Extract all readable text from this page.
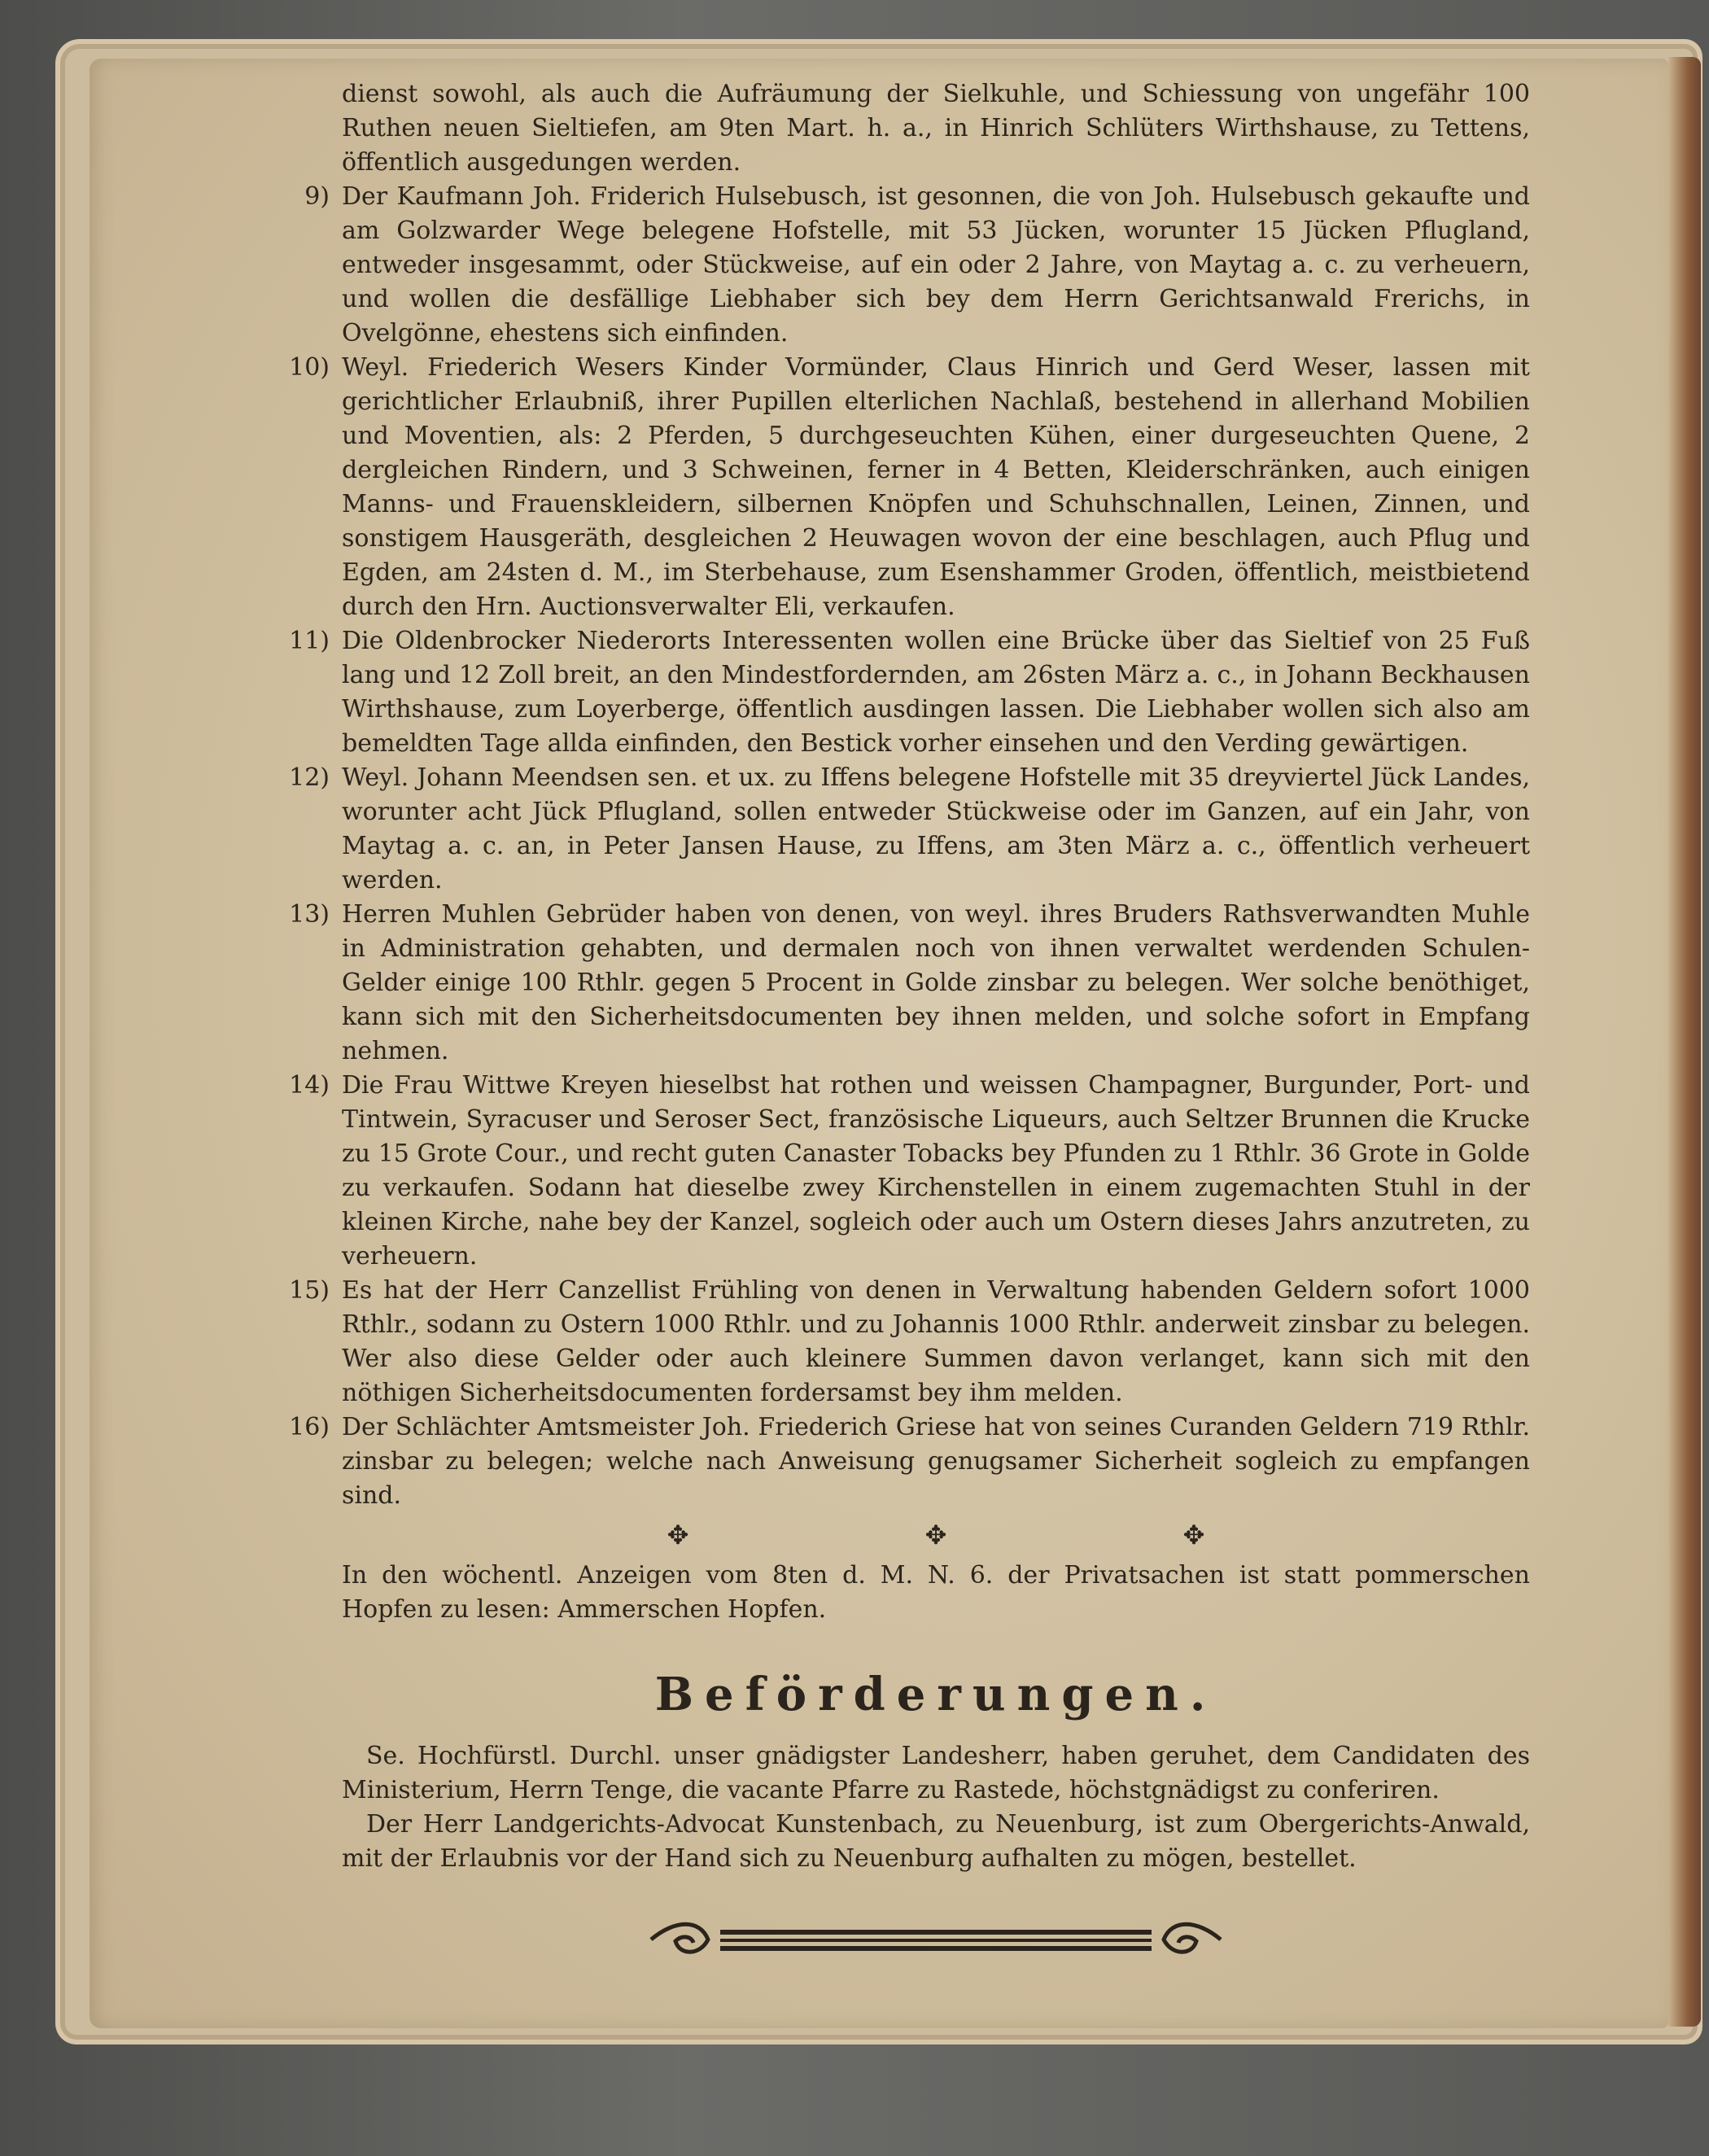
dienst sowohl, als auch die Aufräumung der Sielkuhle, und Schiessung von ungefähr 100 Ruthen neuen Sieltiefen, am 9ten Mart. h. a., in Hinrich Schlüters Wirthshause, zu Tettens, öffentlich ausgedungen werden.

9) Der Kaufmann Joh. Friderich Hulsebusch, ist gesonnen, die von Joh. Hulsebusch gekaufte und am Golzwarder Wege belegene Hofstelle, mit 53 Jücken, worunter 15 Jücken Pflugland, entweder insgesammt, oder Stückweise, auf ein oder 2 Jahre, von Maytag a. c. zu verheuern, und wollen die desfällige Liebhaber sich bey dem Herrn Gerichtsanwald Frerichs, in Ovelgönne, ehestens sich einfinden.

10) Weyl. Friederich Wesers Kinder Vormünder, Claus Hinrich und Gerd Weser, lassen mit gerichtlicher Erlaubniß, ihrer Pupillen elterlichen Nachlaß, bestehend in allerhand Mobilien und Moventien, als: 2 Pferden, 5 durchgeseuchten Kühen, einer durgeseuchten Quene, 2 dergleichen Rindern, und 3 Schweinen, ferner in 4 Betten, Kleiderschränken, auch einigen Manns- und Frauenskleidern, silbernen Knöpfen und Schuhschnallen, Leinen, Zinnen, und sonstigem Hausgeräth, desgleichen 2 Heuwagen wovon der eine beschlagen, auch Pflug und Egden, am 24sten d. M., im Sterbehause, zum Esenshammer Groden, öffentlich, meistbietend durch den Hrn. Auctionsverwalter Eli, verkaufen.

11) Die Oldenbrocker Niederorts Interessenten wollen eine Brücke über das Sieltief von 25 Fuß lang und 12 Zoll breit, an den Mindestfordernden, am 26sten März a. c., in Johann Beckhausen Wirthshause, zum Loyerberge, öffentlich ausdingen lassen. Die Liebhaber wollen sich also am bemeldten Tage allda einfinden, den Bestick vorher einsehen und den Verding gewärtigen.

12) Weyl. Johann Meendsen sen. et ux. zu Iffens belegene Hofstelle mit 35 dreyviertel Jück Landes, worunter acht Jück Pflugland, sollen entweder Stückweise oder im Ganzen, auf ein Jahr, von Maytag a. c. an, in Peter Jansen Hause, zu Iffens, am 3ten März a. c., öffentlich verheuert werden.

13) Herren Muhlen Gebrüder haben von denen, von weyl. ihres Bruders Rathsverwandten Muhle in Administration gehabten, und dermalen noch von ihnen verwaltet werdenden Schulen-Gelder einige 100 Rthlr. gegen 5 Procent in Golde zinsbar zu belegen. Wer solche benöthiget, kann sich mit den Sicherheitsdocumenten bey ihnen melden, und solche sofort in Empfang nehmen.

14) Die Frau Wittwe Kreyen hieselbst hat rothen und weissen Champagner, Burgunder, Port- und Tintwein, Syracuser und Seroser Sect, französische Liqueurs, auch Seltzer Brunnen die Krucke zu 15 Grote Cour., und recht guten Canaster Tobacks bey Pfunden zu 1 Rthlr. 36 Grote in Golde zu verkaufen. Sodann hat dieselbe zwey Kirchenstellen in einem zugemachten Stuhl in der kleinen Kirche, nahe bey der Kanzel, sogleich oder auch um Ostern dieses Jahrs anzutreten, zu verheuern.

15) Es hat der Herr Canzellist Frühling von denen in Verwaltung habenden Geldern sofort 1000 Rthlr., sodann zu Ostern 1000 Rthlr. und zu Johannis 1000 Rthlr. anderweit zinsbar zu belegen. Wer also diese Gelder oder auch kleinere Summen davon verlanget, kann sich mit den nöthigen Sicherheitsdocumenten fordersamst bey ihm melden.

16) Der Schlächter Amtsmeister Joh. Friederich Griese hat von seines Curanden Geldern 719 Rthlr. zinsbar zu belegen; welche nach Anweisung genugsamer Sicherheit sogleich zu empfangen sind.

✥ ✥ ✥

In den wöchentl. Anzeigen vom 8ten d. M. N. 6. der Privatsachen ist statt pommerschen Hopfen zu lesen: Ammerschen Hopfen.

Beförderungen.

Se. Hochfürstl. Durchl. unser gnädigster Landesherr, haben geruhet, dem Candidaten des Ministerium, Herrn Tenge, die vacante Pfarre zu Rastede, höchstgnädigst zu conferiren.

Der Herr Landgerichts-Advocat Kunstenbach, zu Neuenburg, ist zum Obergerichts-Anwald, mit der Erlaubnis vor der Hand sich zu Neuenburg aufhalten zu mögen, bestellet.
